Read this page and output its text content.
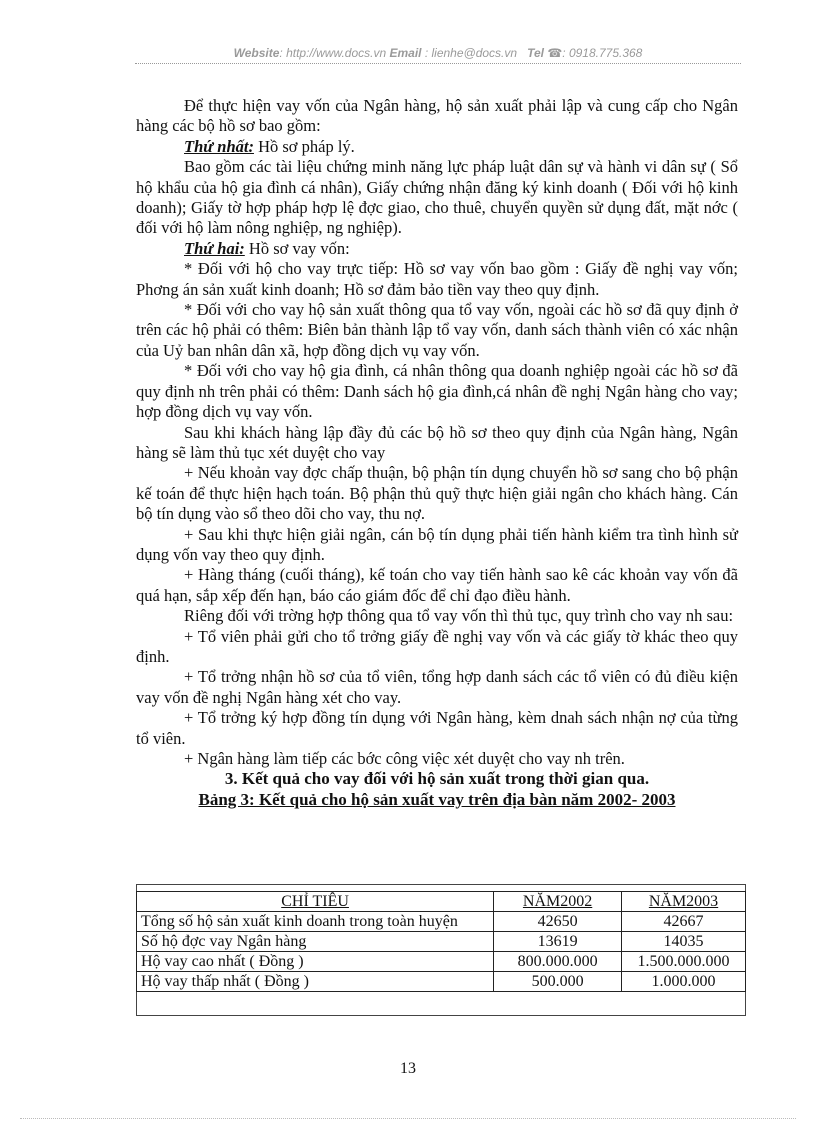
Website: http://www.docs.vn Email : lienhe@docs.vn Tel ☎: 0918.775.368

Để thực hiện vay vốn của Ngân hàng, hộ sản xuất phải lập và cung cấp cho Ngân hàng các bộ hồ sơ bao gồm:

Thứ nhất: Hồ sơ pháp lý.

Bao gồm các tài liệu chứng minh năng lực pháp luật dân sự và hành vi dân sự ( Sổ hộ khẩu của hộ gia đình cá nhân), Giấy chứng nhận đăng ký kinh doanh ( Đối với hộ kinh doanh); Giấy tờ hợp pháp hợp lệ đợc giao, cho thuê, chuyển quyền sử dụng đất, mặt nớc ( đối với hộ làm nông nghiệp, ng nghiệp).

Thứ hai: Hồ sơ vay vốn:

* Đối với hộ cho vay trực tiếp: Hồ sơ vay vốn bao gồm : Giấy đề nghị vay vốn; Phơng án sản xuất kinh doanh; Hồ sơ đảm bảo tiền vay theo quy định.

* Đối với cho vay hộ sản xuất thông qua tổ vay vốn, ngoài các hồ sơ đã quy định ở trên các hộ phải có thêm: Biên bản thành lập tổ vay vốn, danh sách thành viên có xác nhận của Uỷ ban nhân dân xã, hợp đồng dịch vụ vay vốn.

* Đối với cho vay hộ gia đình, cá nhân thông qua doanh nghiệp ngoài các hồ sơ đã quy định nh trên phải có thêm: Danh sách hộ gia đình,cá nhân đề nghị Ngân hàng cho vay; hợp đồng dịch vụ vay vốn.

Sau khi khách hàng lập đầy đủ các bộ hồ sơ theo quy định của Ngân hàng, Ngân hàng sẽ làm thủ tục xét duyệt cho vay

+ Nếu khoản vay đợc chấp thuận, bộ phận tín dụng chuyển hồ sơ sang cho bộ phận kế toán để thực hiện hạch toán. Bộ phận thủ quỹ thực hiện giải ngân cho khách hàng. Cán bộ tín dụng vào sổ theo dõi cho vay, thu nợ.

+ Sau khi thực hiện giải ngân, cán bộ tín dụng phải tiến hành kiểm tra tình hình sử dụng vốn vay theo quy định.

+ Hàng tháng (cuối tháng), kế toán cho vay tiến hành sao kê các khoản vay vốn đã quá hạn, sắp xếp đến hạn, báo cáo giám đốc để chỉ đạo điều hành.

Riêng đối với trờng hợp thông qua tổ vay vốn thì thủ tục, quy trình cho vay nh sau:

+ Tổ viên phải gửi cho tổ trởng giấy đề nghị vay vốn và các giấy tờ khác theo quy định.

+ Tổ trởng nhận hồ sơ của tổ viên, tổng hợp danh sách các tổ viên có đủ điều kiện vay vốn đề nghị Ngân hàng xét cho vay.

+ Tổ trởng ký hợp đồng tín dụng với Ngân hàng, kèm dnah sách nhận nợ của từng tổ viên.

+ Ngân hàng làm tiếp các bớc công việc xét duyệt cho vay nh trên.

3. Kết quả cho vay đối với hộ sản xuất trong thời gian qua.

Bảng 3: Kết quả cho hộ sản xuất vay trên địa bàn năm 2002- 2003

CHỈ TIÊU	NĂM2002	NĂM2003
Tổng số hộ sản xuất kinh doanh trong toàn huyện	42650	42667
Số hộ đợc vay Ngân hàng	13619	14035
Hộ vay cao nhất ( Đồng )	800.000.000	1.500.000.000
Hộ vay thấp nhất ( Đồng )	500.000	1.000.000
13
